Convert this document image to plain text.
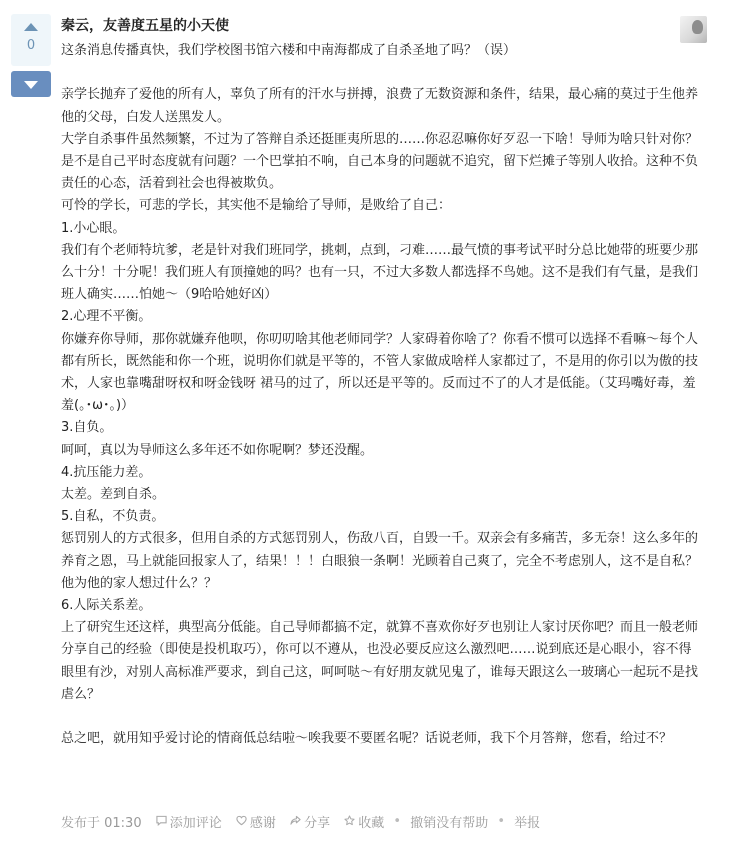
0
秦云，友善度五星的小天使

这条消息传播真快，我们学校图书馆六楼和中南海都成了自杀圣地了吗？（误）

亲学长抛弃了爱他的所有人，辜负了所有的汗水与拼搏，浪费了无数资源和条件，结果，最心痛的莫过于生他养他的父母，白发人送黑发人。

大学自杀事件虽然频繁，不过为了答辩自杀还挺匪夷所思的……你忍忍嘛你好歹忍一下啥！导师为啥只针对你？是不是自己平时态度就有问题？一个巴掌拍不响，自己本身的问题就不追究，留下烂摊子等别人收拾。这种不负责任的心态，活着到社会也得被欺负。

可怜的学长，可悲的学长，其实他不是输给了导师，是败给了自己：

1.小心眼。

我们有个老师特坑爹，老是针对我们班同学，挑刺，点到，刁难……最气愤的事考试平时分总比她带的班要少那么十分！十分呢！我们班人有顶撞她的吗？也有一只，不过大多数人都选择不鸟她。这不是我们有气量，是我们班人确实……怕她～（9哈哈她好凶）

2.心理不平衡。

你嫌弃你导师，那你就嫌弃他呗，你叨叨啥其他老师同学？人家碍着你啥了？你看不惯可以选择不看嘛～每个人都有所长，既然能和你一个班，说明你们就是平等的，不管人家做成啥样人家都过了，不是用的你引以为傲的技术，人家也靠嘴甜呀权和呀金钱呀 裙马的过了，所以还是平等的。反而过不了的人才是低能。（艾玛嘴好毒，羞羞(｡･ω･｡)）

3.自负。

呵呵，真以为导师这么多年还不如你呢啊？梦还没醒。

4.抗压能力差。

太差。差到自杀。

5.自私，不负责。

惩罚别人的方式很多，但用自杀的方式惩罚别人，伤敌八百，自毁一千。双亲会有多痛苦，多无奈！这么多年的养育之恩，马上就能回报家人了，结果！！！白眼狼一条啊！光顾着自己爽了，完全不考虑别人，这不是自私？他为他的家人想过什么？？

6.人际关系差。

上了研究生还这样，典型高分低能。自己导师都搞不定，就算不喜欢你好歹也别让人家讨厌你吧？而且一般老师分享自己的经验（即使是投机取巧），你可以不遵从，也没必要反应这么激烈吧……说到底还是心眼小，容不得眼里有沙，对别人高标准严要求，到自己这，呵呵哒～有好朋友就见鬼了，谁每天跟这么一玻璃心一起玩不是找虐么？

总之吧，就用知乎爱讨论的情商低总结啦～唉我要不要匿名呢？话说老师，我下个月答辩，您看，给过不？

发布于 01:30 添加评论 感谢 分享 收藏 • 撤销没有帮助 • 举报
